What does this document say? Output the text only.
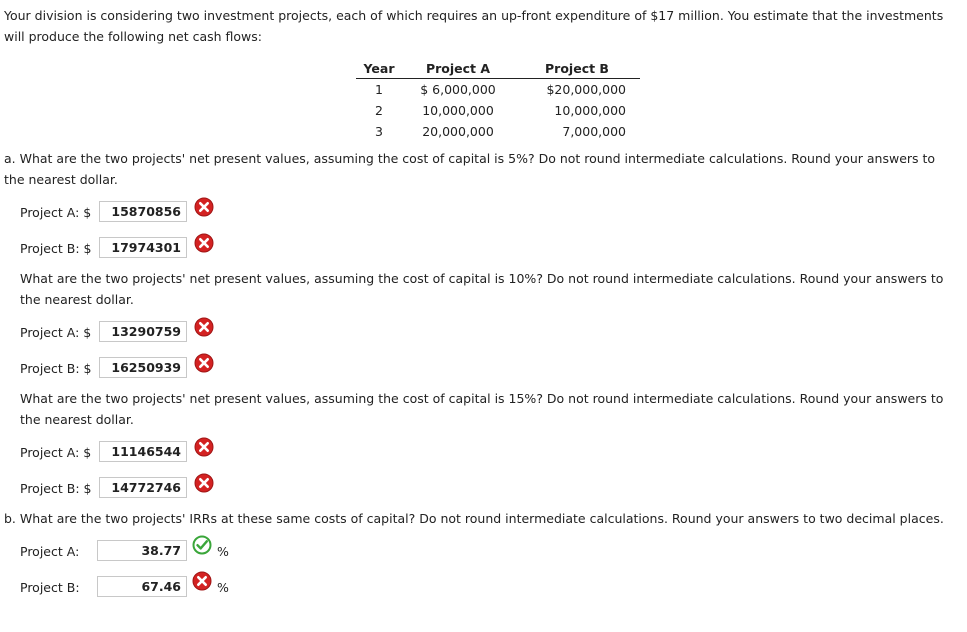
Your division is considering two investment projects, each of which requires an up-front expenditure of $17 million. You estimate that the investments will produce the following net cash flows:
Year	Project A	Project B
1	$ 6,000,000	$20,000,000
2	10,000,000	10,000,000
3	20,000,000	7,000,000
a. What are the two projects' net present values, assuming the cost of capital is 5%? Do not round intermediate calculations. Round your answers to the nearest dollar.
Project A: $	15870856
Project B: $	17974301
What are the two projects' net present values, assuming the cost of capital is 10%? Do not round intermediate calculations. Round your answers to the nearest dollar.
Project A: $	13290759
Project B: $	16250939
What are the two projects' net present values, assuming the cost of capital is 15%? Do not round intermediate calculations. Round your answers to the nearest dollar.
Project A: $	11146544
Project B: $	14772746
b. What are the two projects' IRRs at these same costs of capital? Do not round intermediate calculations. Round your answers to two decimal places.
Project A:	38.77	%
Project B:	67.46	%
